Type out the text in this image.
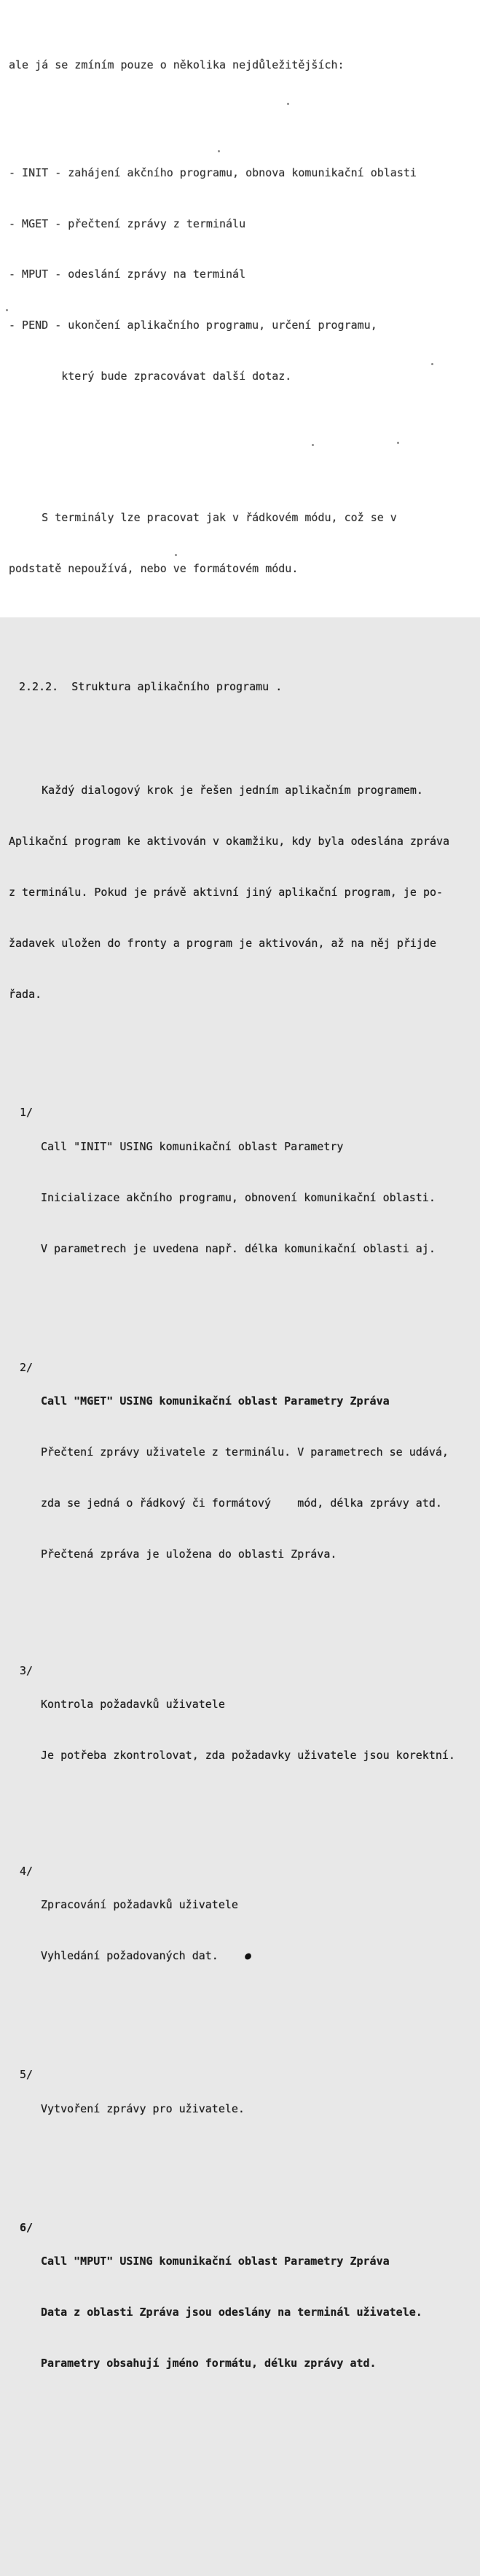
ale já se zmíním pouze o několika nejdůležitějších:

- INIT - zahájení akčního programu, obnova komunikační oblasti

- MGET - přečtení zprávy z terminálu

- MPUT - odeslání zprávy na terminál

- PEND - ukončení aplikačního programu, určení programu,

který bude zpracovávat další dotaz.

S terminály lze pracovat jak v řádkovém módu, což se v

podstatě nepoužívá, nebo ve formátovém módu.

2.2.2.  Struktura aplikačního programu .

Každý dialogový krok je řešen jedním aplikačním programem.

Aplikační program ke aktivován v okamžiku, kdy byla odeslána zpráva

z terminálu. Pokud je právě aktivní jiný aplikační program, je po-

žadavek uložen do fronty a program je aktivován, až na něj přijde

řada.

1/

Call "INIT" USING komunikační oblast Parametry

Inicializace akčního programu, obnovení komunikační oblasti.

V parametrech je uvedena např. délka komunikační oblasti aj.

2/

Call "MGET" USING komunikační oblast Parametry Zpráva

Přečtení zprávy uživatele z terminálu. V parametrech se udává,

zda se jedná o řádkový či formátový    mód, délka zprávy atd.

Přečtená zpráva je uložena do oblasti Zpráva.

3/

Kontrola požadavků uživatele

Je potřeba zkontrolovat, zda požadavky uživatele jsou korektní.

4/

Zpracování požadavků uživatele

Vyhledání požadovaných dat.

5/

Vytvoření zprávy pro uživatele.

6/

Call "MPUT" USING komunikační oblast Parametry Zpráva

Data z oblasti Zpráva jsou odeslány na terminál uživatele.

Parametry obsahují jméno formátu, délku zprávy atd.
